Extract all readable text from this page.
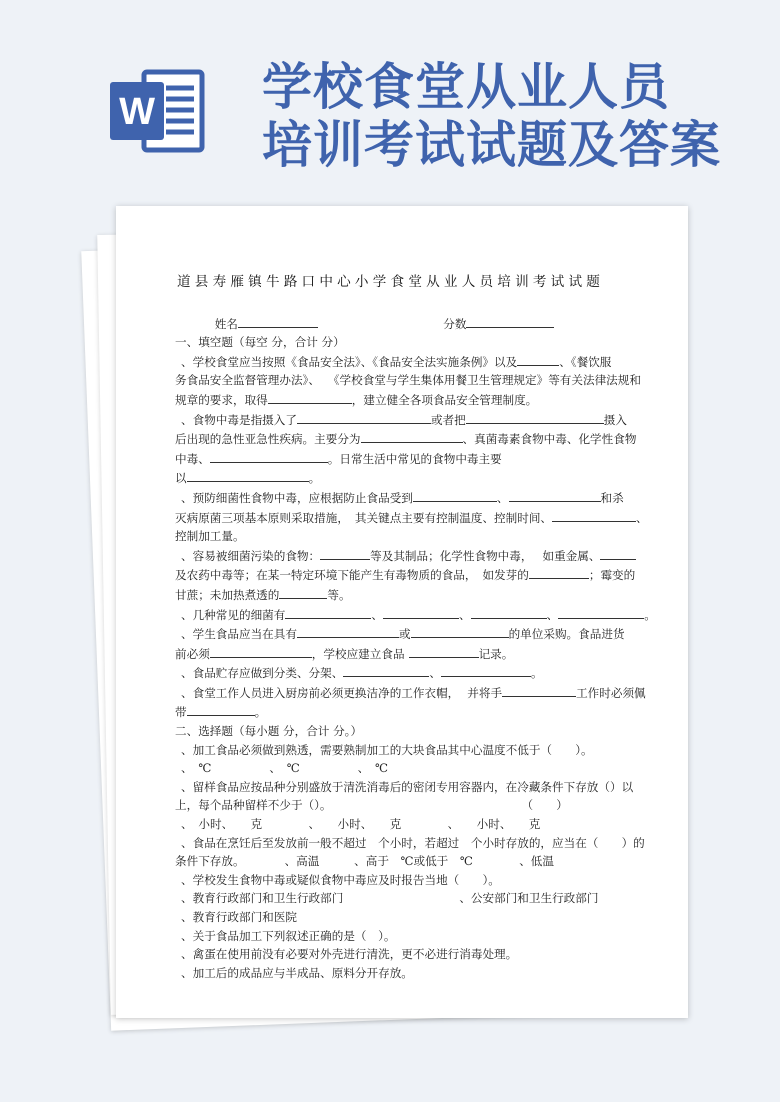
W 学校食堂从业人员
培训考试试题及答案
道县寿雁镇牛路口中心小学食堂从业人员培训考试试题
姓名	分数
一、填空题（每空 分，合计 分）
、学校食堂应当按照《食品安全法》、《食品安全法实施条例》以及	、《餐饮服
务食品安全监督管理办法》、 《学校食堂与学生集体用餐卫生管理规定》等有关法律法规和
规章的要求，取得	，建立健全各项食品安全管理制度。
、食物中毒是指摄入了	或者把	摄入
后出现的急性亚急性疾病。主要分为	、真菌毒素食物中毒、化学性食物
中毒、	。日常生活中常见的食物中毒主要
以	。
、预防细菌性食物中毒，应根据防止食品受到	、	和杀
灭病原菌三项基本原则采取措施， 其关键点主要有控制温度、控制时间、	、
控制加工量。
、容易被细菌污染的食物：	等及其制品；化学性食物中毒， 如重金属、
及农药中毒等；在某一特定环境下能产生有毒物质的食品， 如发芽的	；霉变的
甘蔗；未加热煮透的	等。
、几种常见的细菌有	、	、	、	。
、学生食品应当在具有	或	的单位采购。食品进货
前必须	，学校应建立食品	记录。
、食品贮存应做到分类、分架、	、	。
、食堂工作人员进入厨房前必须更换洁净的工作衣帽， 并将手	工作时必须佩
带	。
二、选择题（每小题 分，合计 分。）
、加工食品必须做到熟透，需要熟制加工的大块食品其中心温度不低于（　　）。
、　℃　　　　　、　℃　　　　　、　℃
、留样食品应按品种分别盛放于清洗消毒后的密闭专用容器内，在冷藏条件下存放（）以
上，每个品种留样不少于（）。	（　　）
、　小时、　　克　　　　、　　小时、　　克　　　　、　　小时、　　克
、食品在烹饪后至发放前一般不超过　个小时，若超过　个小时存放的，应当在（　　）的
条件下存放。	、高温　　　、高于　℃或低于　℃　　　　、低温
、学校发生食物中毒或疑似食物中毒应及时报告当地（　　）。
、教育行政部门和卫生行政部门	、公安部门和卫生行政部门
、教育行政部门和医院
、关于食品加工下列叙述正确的是（　）。
、禽蛋在使用前没有必要对外壳进行清洗，更不必进行消毒处理。
、加工后的成品应与半成品、原料分开存放。
